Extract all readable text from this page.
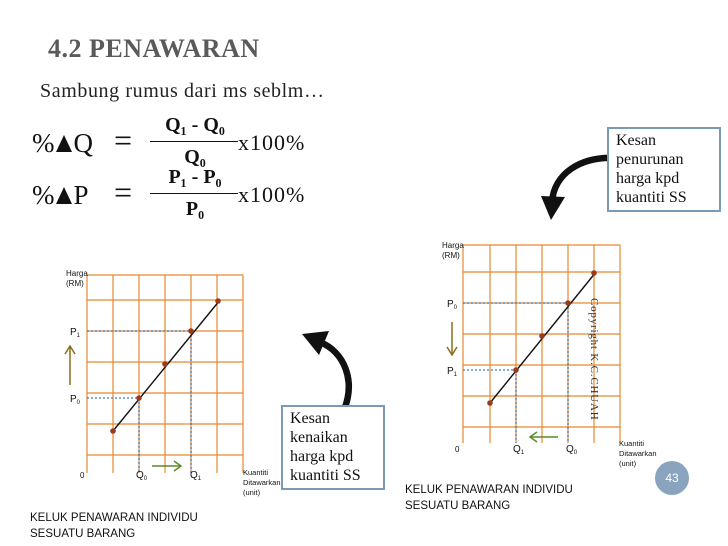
4.2 PENAWARAN
Sambung rumus dari ms seblm…
% Q =	Q₁ - Q₀
Q₀
x100%
% P =	P₁ - P₀
P₀
x100%
Harga
(RM)
$P_1$
$P_0$
$Q_0$	$Q_1$
0	Kuantiti
Ditawarkan
(unit)
Harga
(RM)
$P_0$
$P_1$
$Q_1$	$Q_0$
0
Kuantiti
Ditawarkan
(unit)
Kesan
kenaikan
harga kpd
kuantiti SS
Kesan
penurunan
harga kpd
kuantiti SS
KELUK PENAWARAN INDIVIDU
SESUATU BARANG
KELUK PENAWARAN INDIVIDU
SESUATU BARANG
Copyright K.C.CHUAH
43
